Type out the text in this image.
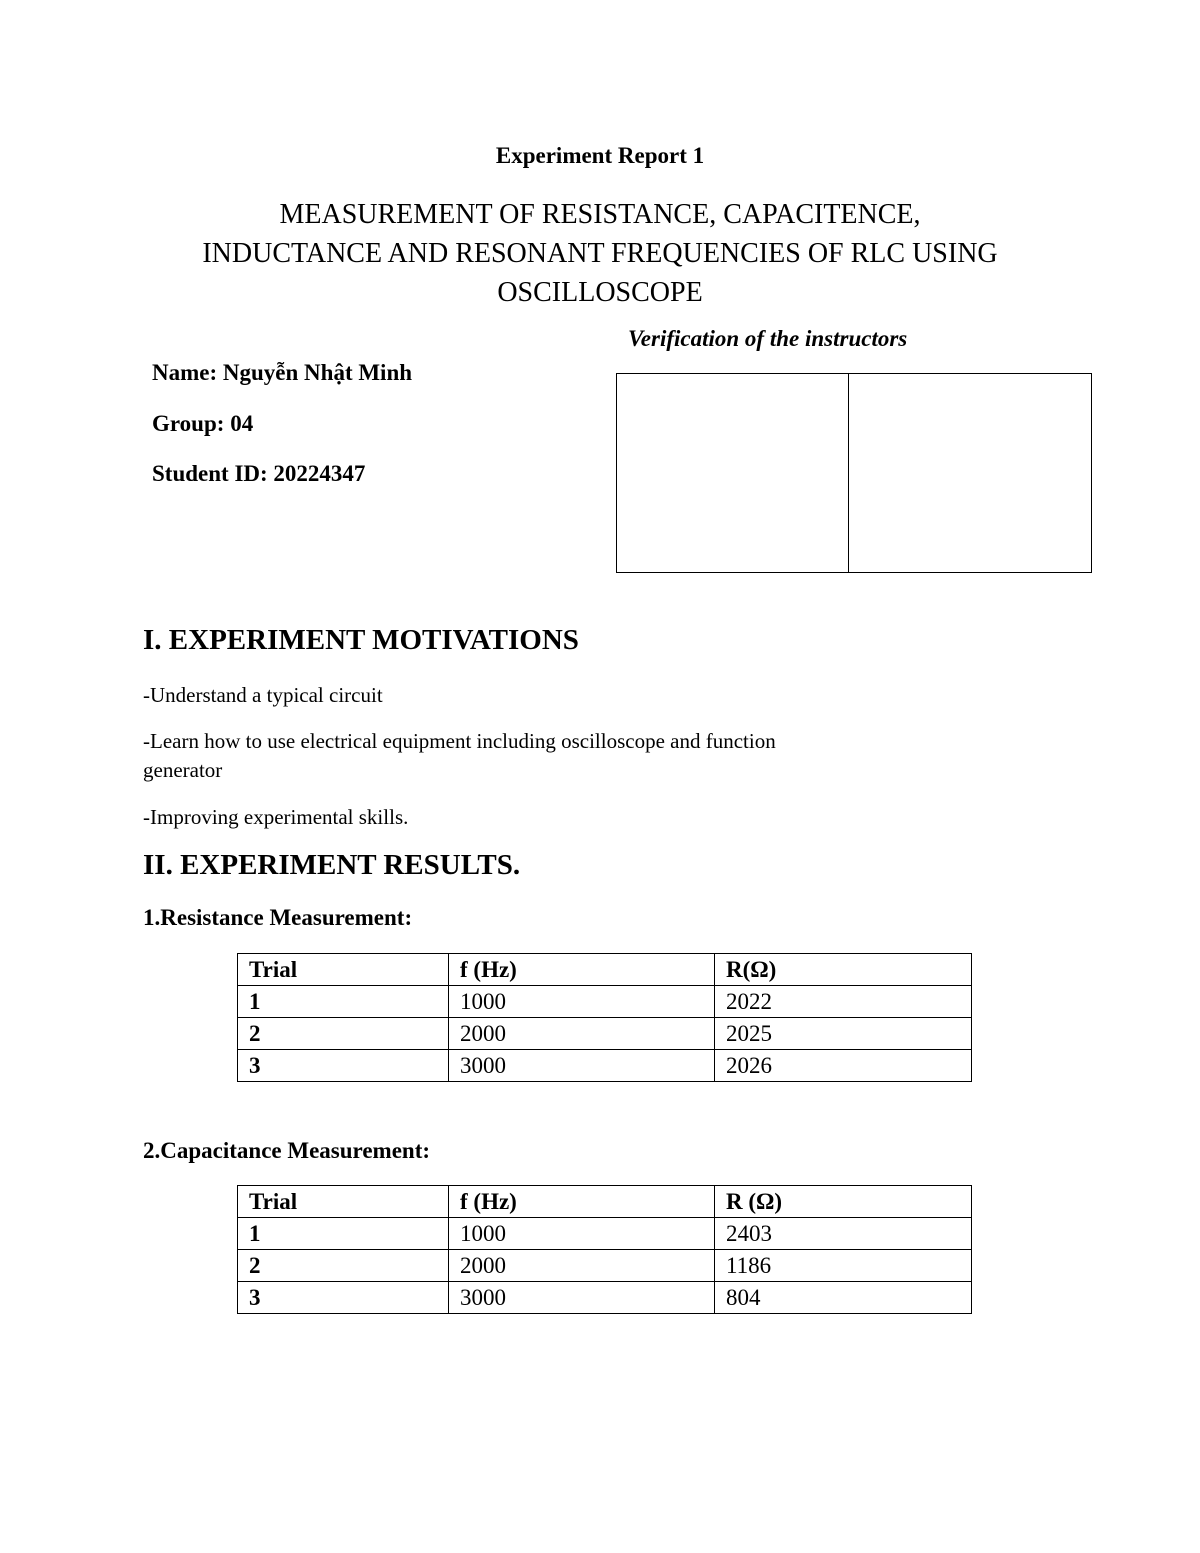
Experiment Report 1
MEASUREMENT OF RESISTANCE, CAPACITENCE,
INDUCTANCE AND RESONANT FREQUENCIES OF RLC USING
OSCILLOSCOPE
Verification of the instructors
Name: Nguyễn Nhật Minh
Group: 04
Student ID: 20224347

I. EXPERIMENT MOTIVATIONS
-Understand a typical circuit
-Learn how to use electrical equipment including oscilloscope and function
generator
-Improving experimental skills.
II. EXPERIMENT RESULTS.
1.Resistance Measurement:
Trial	f (Hz)	R(Ω)
1	1000	2022
2	2000	2025
3	3000	2026
2.Capacitance Measurement:
Trial	f (Hz)	R (Ω)
1	1000	2403
2	2000	1186
3	3000	804
